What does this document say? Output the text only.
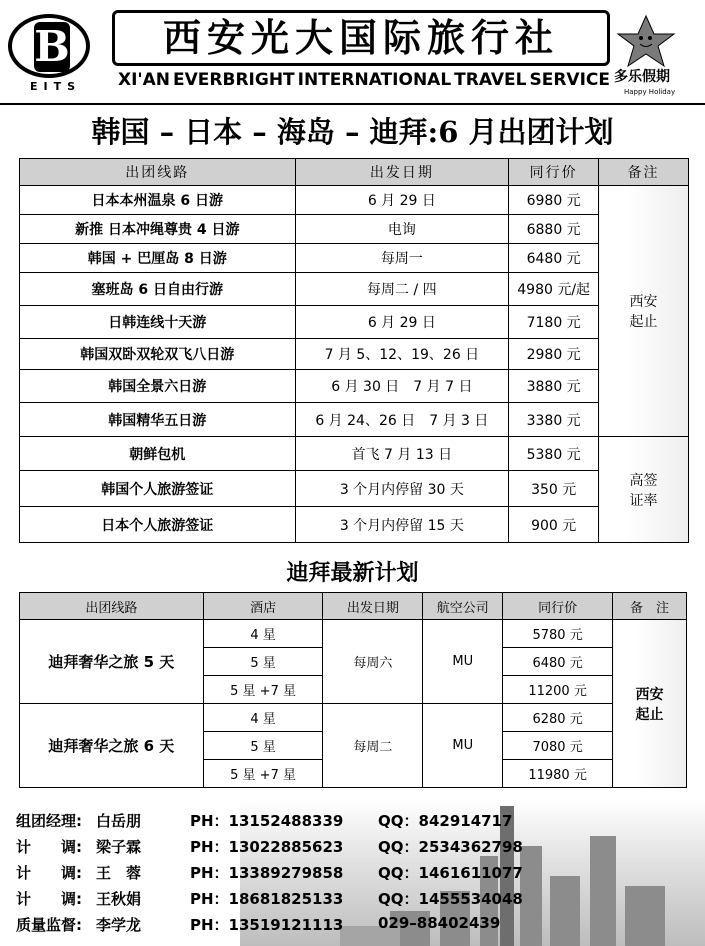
B
EITS
西安光大国际旅行社
XI'AN EVERBRIGHT INTERNATIONAL TRAVEL SERVICE 多乐假期
Happy Holiday
韩国 – 日本 – 海岛 – 迪拜:6 月出团计划
出团线路	出发日期	同行价	备注
日本本州温泉 6 日游	6 月 29 日	6980 元	西安
起止
新推 日本冲绳尊贵 4 日游	电询	6880 元	
韩国 + 巴厘岛 8 日游	每周一	6480 元	
塞班岛 6 日自由行游	每周二 / 四	4980 元/起	
日韩连线十天游	6 月 29 日	7180 元	
韩国双卧双轮双飞八日游	7 月 5、12、19、26 日	2980 元	
韩国全景六日游	6 月 30 日　7 月 7 日	3880 元	
韩国精华五日游	6 月 24、26 日　7 月 3 日	3380 元	
朝鲜包机	首飞 7 月 13 日	5380 元	高签
证率
韩国个人旅游签证	3 个月内停留 30 天	350 元	
日本个人旅游签证	3 个月内停留 15 天	900 元	
迪拜最新计划
出团线路	酒店	出发日期	航空公司	同行价	备　注
迪拜奢华之旅 5 天	4 星	每周六	MU	5780 元	西安
起止
	5 星			6480 元	
	5 星 +7 星			11200 元	
迪拜奢华之旅 6 天	4 星	每周二	MU	6280 元	
	5 星			7080 元	
	5 星 +7 星			11980 元	
组团经理: 白岳朋	PH：13152488339 QQ：842914717
计　　调: 梁子霖	PH：13022885623 QQ：2534362798
计　　调: 王　蓉	PH：13389279858 QQ：1461611077
计　　调: 王秋娟	PH：18681825133 QQ：1455534048
质量监督: 李学龙	PH：13519121113 029–88402439
